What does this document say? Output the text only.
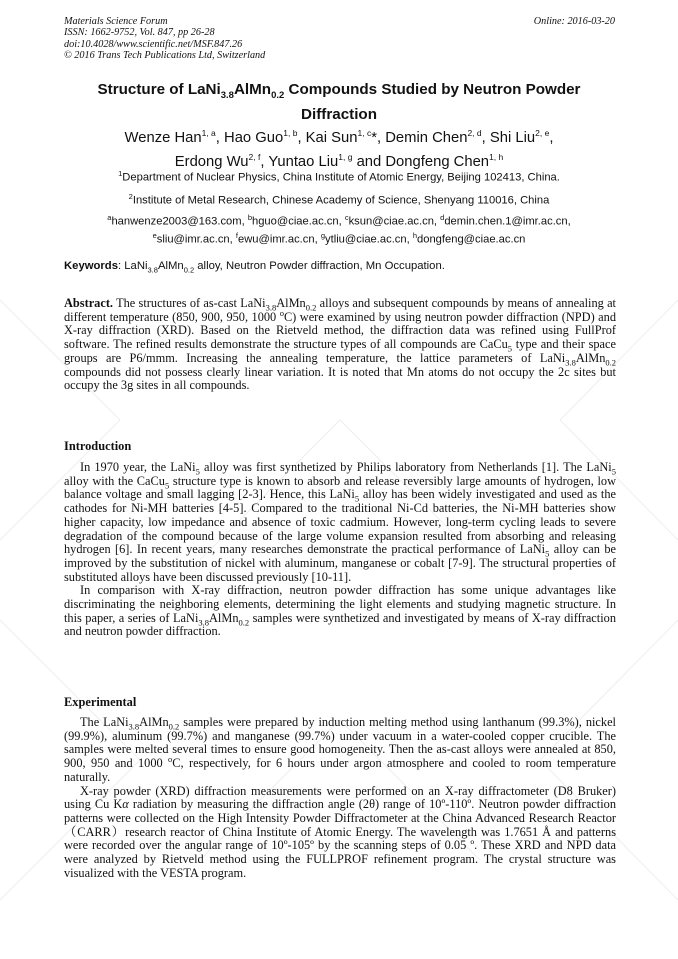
Materials Science Forum
ISSN: 1662-9752, Vol. 847, pp 26-28
doi:10.4028/www.scientific.net/MSF.847.26
© 2016 Trans Tech Publications Ltd, Switzerland
Online: 2016-03-20
Structure of LaNi$_{3.8}$AlMn$_{0.2}$ Compounds Studied by Neutron Powder Diffraction
Wenze Han$^{1, a}$, Hao Guo$^{1, b}$, Kai Sun$^{1, c}$*, Demin Chen$^{2, d}$, Shi Liu$^{2, e}$,
Erdong Wu$^{2, f}$, Yuntao Liu$^{1, g}$ and Dongfeng Chen$^{1, h}$
$^1$Department of Nuclear Physics, China Institute of Atomic Energy, Beijing 102413, China.
$^2$Institute of Metal Research, Chinese Academy of Science, Shenyang 110016, China
$^a$hanwenze2003@163.com, $^b$hguo@ciae.ac.cn, $^c$ksun@ciae.ac.cn, $^d$demin.chen.1@imr.ac.cn,
$^e$sliu@imr.ac.cn, $^f$ewu@imr.ac.cn, $^g$ytliu@ciae.ac.cn, $^h$dongfeng@ciae.ac.cn
Keywords: LaNi$_{3.8}$AlMn$_{0.2}$ alloy, Neutron Powder diffraction, Mn Occupation.

Abstract. The structures of as-cast LaNi$_{3.8}$AlMn$_{0.2}$ alloys and subsequent compounds by means of annealing at different temperature (850, 900, 950, 1000 $^o$C) were examined by using neutron powder diffraction (NPD) and X-ray diffraction (XRD). Based on the Rietveld method, the diffraction data was refined using FullProf software. The refined results demonstrate the structure types of all compounds are CaCu$_5$ type and their space groups are P6/mmm. Increasing the annealing temperature, the lattice parameters of LaNi$_{3.8}$AlMn$_{0.2}$ compounds did not possess clearly linear variation. It is noted that Mn atoms do not occupy the 2c sites but occupy the 3g sites in all compounds.

Introduction

In 1970 year, the LaNi$_5$ alloy was first synthetized by Philips laboratory from Netherlands [1]. The LaNi$_5$ alloy with the CaCu$_5$ structure type is known to absorb and release reversibly large amounts of hydrogen, low balance voltage and small lagging [2-3]. Hence, this LaNi$_5$ alloy has been widely investigated and used as the cathodes for Ni-MH batteries [4-5]. Compared to the traditional Ni-Cd batteries, the Ni-MH batteries show higher capacity, low impedance and absence of toxic cadmium. However, long-term cycling leads to severe degradation of the compound because of the large volume expansion resulted from absorbing and releasing hydrogen [6]. In recent years, many researches demonstrate the practical performance of LaNi$_5$ alloy can be improved by the substitution of nickel with aluminum, manganese or cobalt [7-9]. The structural properties of substituted alloys have been discussed previously [10-11].

In comparison with X-ray diffraction, neutron powder diffraction has some unique advantages like discriminating the neighboring elements, determining the light elements and studying magnetic structure. In this paper, a series of LaNi$_{3.8}$AlMn$_{0.2}$ samples were synthetized and investigated by means of X-ray diffraction and neutron powder diffraction.

Experimental

The LaNi$_{3.8}$AlMn$_{0.2}$ samples were prepared by induction melting method using lanthanum (99.3%), nickel (99.9%), aluminum (99.7%) and manganese (99.7%) under vacuum in a water-cooled copper crucible. The samples were melted several times to ensure good homogeneity. Then the as-cast alloys were annealed at 850, 900, 950 and 1000 $^o$C, respectively, for 6 hours under argon atmosphere and cooled to room temperature naturally.

X-ray powder (XRD) diffraction measurements were performed on an X-ray diffractometer (D8 Bruker) using Cu Kα radiation by measuring the diffraction angle (2θ) range of 10º-110º. Neutron powder diffraction patterns were collected on the High Intensity Powder Diffractometer at the China Advanced Research Reactor（CARR）research reactor of China Institute of Atomic Energy. The wavelength was 1.7651 Å and patterns were recorded over the angular range of 10º-105º by the scanning steps of 0.05 º. These XRD and NPD data were analyzed by Rietveld method using the FULLPROF refinement program. The crystal structure was visualized with the VESTA program.
